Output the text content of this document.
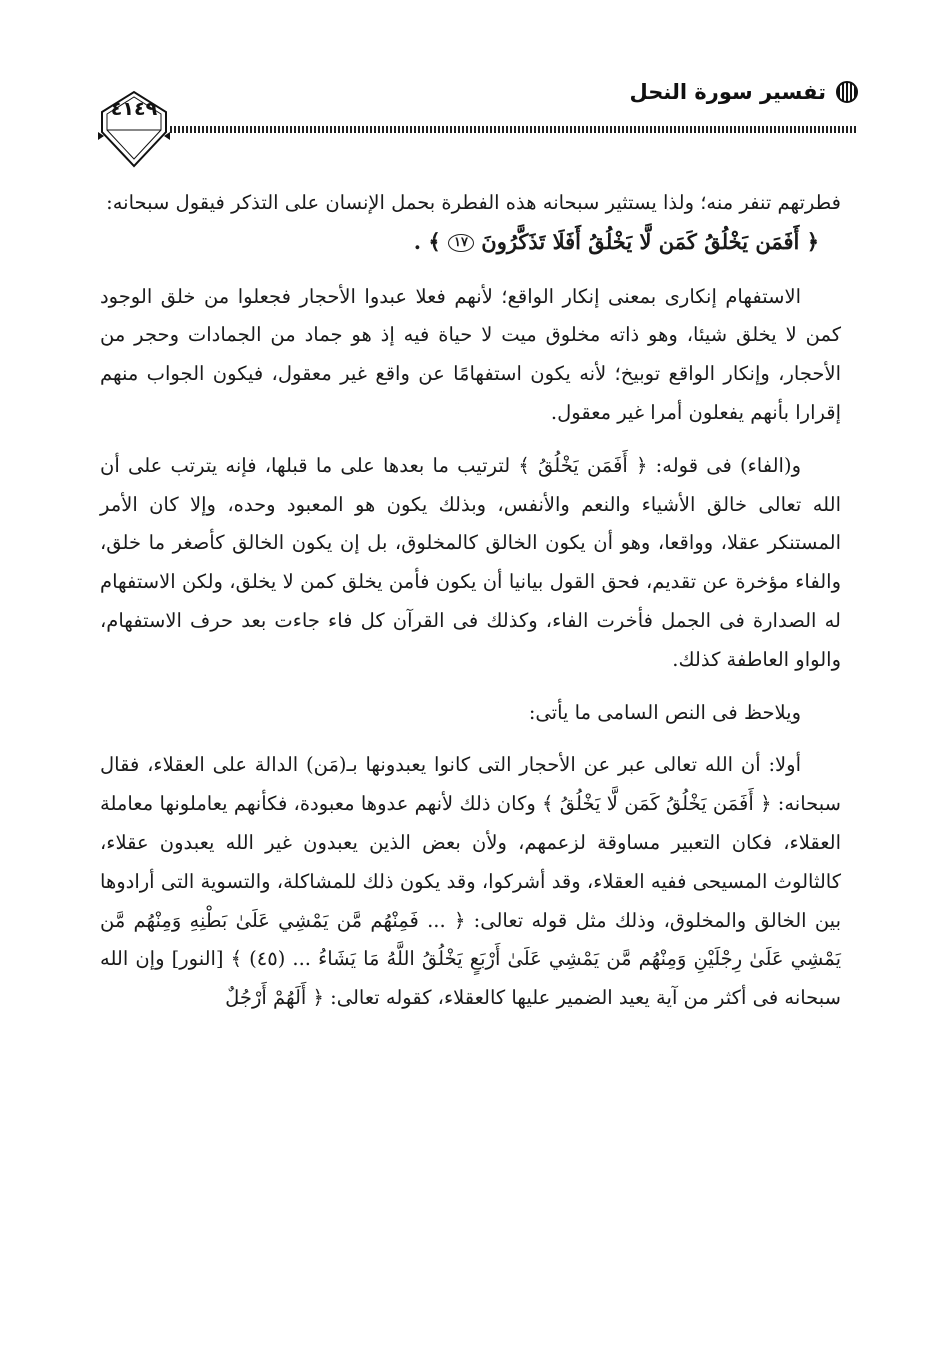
تفسير سورة النحل
٤١٤٩

فطرتهم تنفر منه؛ ولذا يستثير سبحانه هذه الفطرة بحمل الإنسان على التذكر فيقول سبحانه:

﴿ أَفَمَن يَخْلُقُ كَمَن لَّا يَخْلُقُ أَفَلَا تَذَكَّرُونَ ١٧ ﴾ .

الاستفهام إنكارى بمعنى إنكار الواقع؛ لأنهم فعلا عبدوا الأحجار فجعلوا من خلق الوجود كمن لا يخلق شيئا، وهو ذاته مخلوق ميت لا حياة فيه إذ هو جماد من الجمادات وحجر من الأحجار، وإنكار الواقع توبيخ؛ لأنه يكون استفهامًا عن واقع غير معقول، فيكون الجواب منهم إقرارا بأنهم يفعلون أمرا غير معقول.

و(الفاء) فى قوله: ﴿ أَفَمَن يَخْلُقُ ﴾ لترتيب ما بعدها على ما قبلها، فإنه يترتب على أن الله تعالى خالق الأشياء والنعم والأنفس، وبذلك يكون هو المعبود وحده، وإلا كان الأمر المستنكر عقلا، وواقعا، وهو أن يكون الخالق كالمخلوق، بل إن يكون الخالق كأصغر ما خلق، والفاء مؤخرة عن تقديم، فحق القول بيانيا أن يكون فأمن يخلق كمن لا يخلق، ولكن الاستفهام له الصدارة فى الجمل فأخرت الفاء، وكذلك فى القرآن كل فاء جاءت بعد حرف الاستفهام، والواو العاطفة كذلك.

ويلاحظ فى النص السامى ما يأتى:

أولا: أن الله تعالى عبر عن الأحجار التى كانوا يعبدونها بـ(مَن) الدالة على العقلاء، فقال سبحانه: ﴿ أَفَمَن يَخْلُقُ كَمَن لَّا يَخْلُقُ ﴾ وكان ذلك لأنهم عدوها معبودة، فكأنهم يعاملونها معاملة العقلاء، فكان التعبير مساوقة لزعمهم، ولأن بعض الذين يعبدون غير الله يعبدون عقلاء، كالثالوث المسيحى ففيه العقلاء، وقد أشركوا، وقد يكون ذلك للمشاكلة، والتسوية التى أرادوها بين الخالق والمخلوق، وذلك مثل قوله تعالى: ﴿ ... فَمِنْهُم مَّن يَمْشِي عَلَىٰ بَطْنِهِ وَمِنْهُم مَّن يَمْشِي عَلَىٰ رِجْلَيْنِ وَمِنْهُم مَّن يَمْشِي عَلَىٰ أَرْبَعٍ يَخْلُقُ اللَّهُ مَا يَشَاءُ ... (٤٥) ﴾ [النور] وإن الله سبحانه فى أكثر من آية يعيد الضمير عليها كالعقلاء، كقوله تعالى: ﴿ أَلَهُمْ أَرْجُلٌ
